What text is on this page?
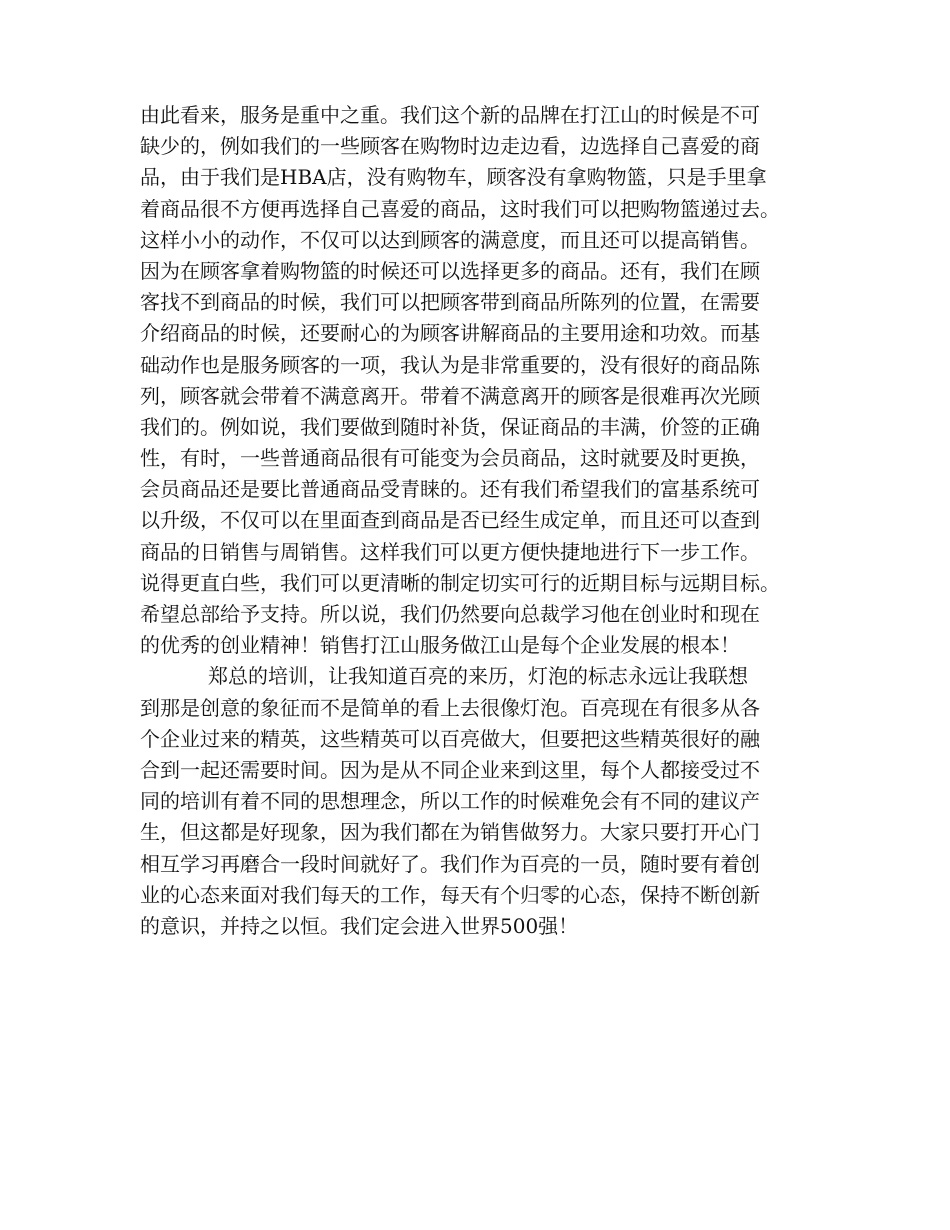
由此看来，服务是重中之重。我们这个新的品牌在打江山的时候是不可
缺少的，例如我们的一些顾客在购物时边走边看，边选择自己喜爱的商
品，由于我们是HBA店，没有购物车，顾客没有拿购物篮，只是手里拿
着商品很不方便再选择自己喜爱的商品，这时我们可以把购物篮递过去。
这样小小的动作，不仅可以达到顾客的满意度，而且还可以提高销售。
因为在顾客拿着购物篮的时候还可以选择更多的商品。还有，我们在顾
客找不到商品的时候，我们可以把顾客带到商品所陈列的位置，在需要
介绍商品的时候，还要耐心的为顾客讲解商品的主要用途和功效。而基
础动作也是服务顾客的一项，我认为是非常重要的，没有很好的商品陈
列，顾客就会带着不满意离开。带着不满意离开的顾客是很难再次光顾
我们的。例如说，我们要做到随时补货，保证商品的丰满，价签的正确
性，有时，一些普通商品很有可能变为会员商品，这时就要及时更换，
会员商品还是要比普通商品受青睐的。还有我们希望我们的富基系统可
以升级，不仅可以在里面查到商品是否已经生成定单，而且还可以查到
商品的日销售与周销售。这样我们可以更方便快捷地进行下一步工作。
说得更直白些，我们可以更清晰的制定切实可行的近期目标与远期目标。
希望总部给予支持。所以说，我们仍然要向总裁学习他在创业时和现在
的优秀的创业精神！销售打江山服务做江山是每个企业发展的根本！
郑总的培训，让我知道百亮的来历，灯泡的标志永远让我联想
到那是创意的象征而不是简单的看上去很像灯泡。百亮现在有很多从各
个企业过来的精英，这些精英可以百亮做大，但要把这些精英很好的融
合到一起还需要时间。因为是从不同企业来到这里，每个人都接受过不
同的培训有着不同的思想理念，所以工作的时候难免会有不同的建议产
生，但这都是好现象，因为我们都在为销售做努力。大家只要打开心门
相互学习再磨合一段时间就好了。我们作为百亮的一员，随时要有着创
业的心态来面对我们每天的工作，每天有个归零的心态，保持不断创新
的意识，并持之以恒。我们定会进入世界500强！
